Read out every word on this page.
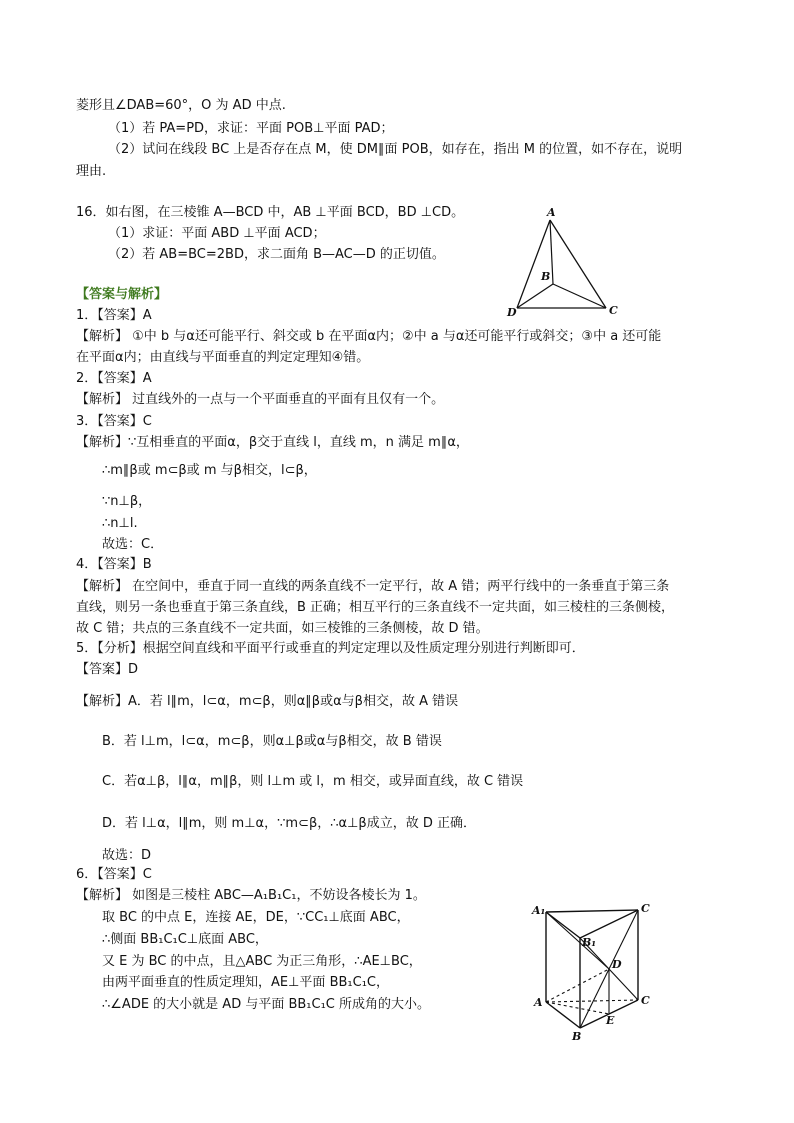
菱形且∠DAB=60°，O 为 AD 中点.
（1）若 PA=PD，求证：平面 POB⊥平面 PAD；
（2）试问在线段 BC 上是否存在点 M，使 DM∥面 POB，如存在，指出 M 的位置，如不存在，说明
理由.
16．如右图，在三棱锥 A—BCD 中，AB ⊥平面 BCD，BD ⊥CD。
（1）求证：平面 ABD ⊥平面 ACD；
（2）若 AB=BC=2BD，求二面角 B—AC—D 的正切值。
A
B
C
D
【答案与解析】
1．【答案】A
【解析】 ①中 b 与α还可能平行、斜交或 b 在平面α内；②中 a 与α还可能平行或斜交；③中 a 还可能
在平面α内；由直线与平面垂直的判定定理知④错。
2．【答案】A
【解析】 过直线外的一点与一个平面垂直的平面有且仅有一个。
3．【答案】C
【解析】∵互相垂直的平面α，β交于直线 l，直线 m，n 满足 m∥α，
∴m∥β或 m⊂β或 m 与β相交，l⊂β，
∵n⊥β，
∴n⊥l.
故选：C．
4．【答案】B
【解析】 在空间中，垂直于同一直线的两条直线不一定平行，故 A 错；两平行线中的一条垂直于第三条
直线，则另一条也垂直于第三条直线，B 正确；相互平行的三条直线不一定共面，如三棱柱的三条侧棱，
故 C 错；共点的三条直线不一定共面，如三棱锥的三条侧棱，故 D 错。
5．【分析】根据空间直线和平面平行或垂直的判定定理以及性质定理分别进行判断即可．
【答案】D
【解析】A．若 l∥m，l⊂α，m⊂β，则α∥β或α与β相交，故 A 错误
B．若 l⊥m，l⊂α，m⊂β，则α⊥β或α与β相交，故 B 错误
C．若α⊥β，l∥α，m∥β，则 l⊥m 或 l，m 相交，或异面直线，故 C 错误
D．若 l⊥α，l∥m，则 m⊥α，∵m⊂β，∴α⊥β成立，故 D 正确．
故选：D
6．【答案】C
【解析】 如图是三棱柱 ABC—A₁B₁C₁，不妨设各棱长为 1。
取 BC 的中点 E，连接 AE，DE，∵CC₁⊥底面 ABC，
∴侧面 BB₁C₁C⊥底面 ABC，
又 E 为 BC 的中点，且△ABC 为正三角形，∴AE⊥BC，
由两平面垂直的性质定理知，AE⊥平面 BB₁C₁C，
∴∠ADE 的大小就是 AD 与平面 BB₁C₁C 所成角的大小。
A₁	C
B₁
D
A	C
E
B
